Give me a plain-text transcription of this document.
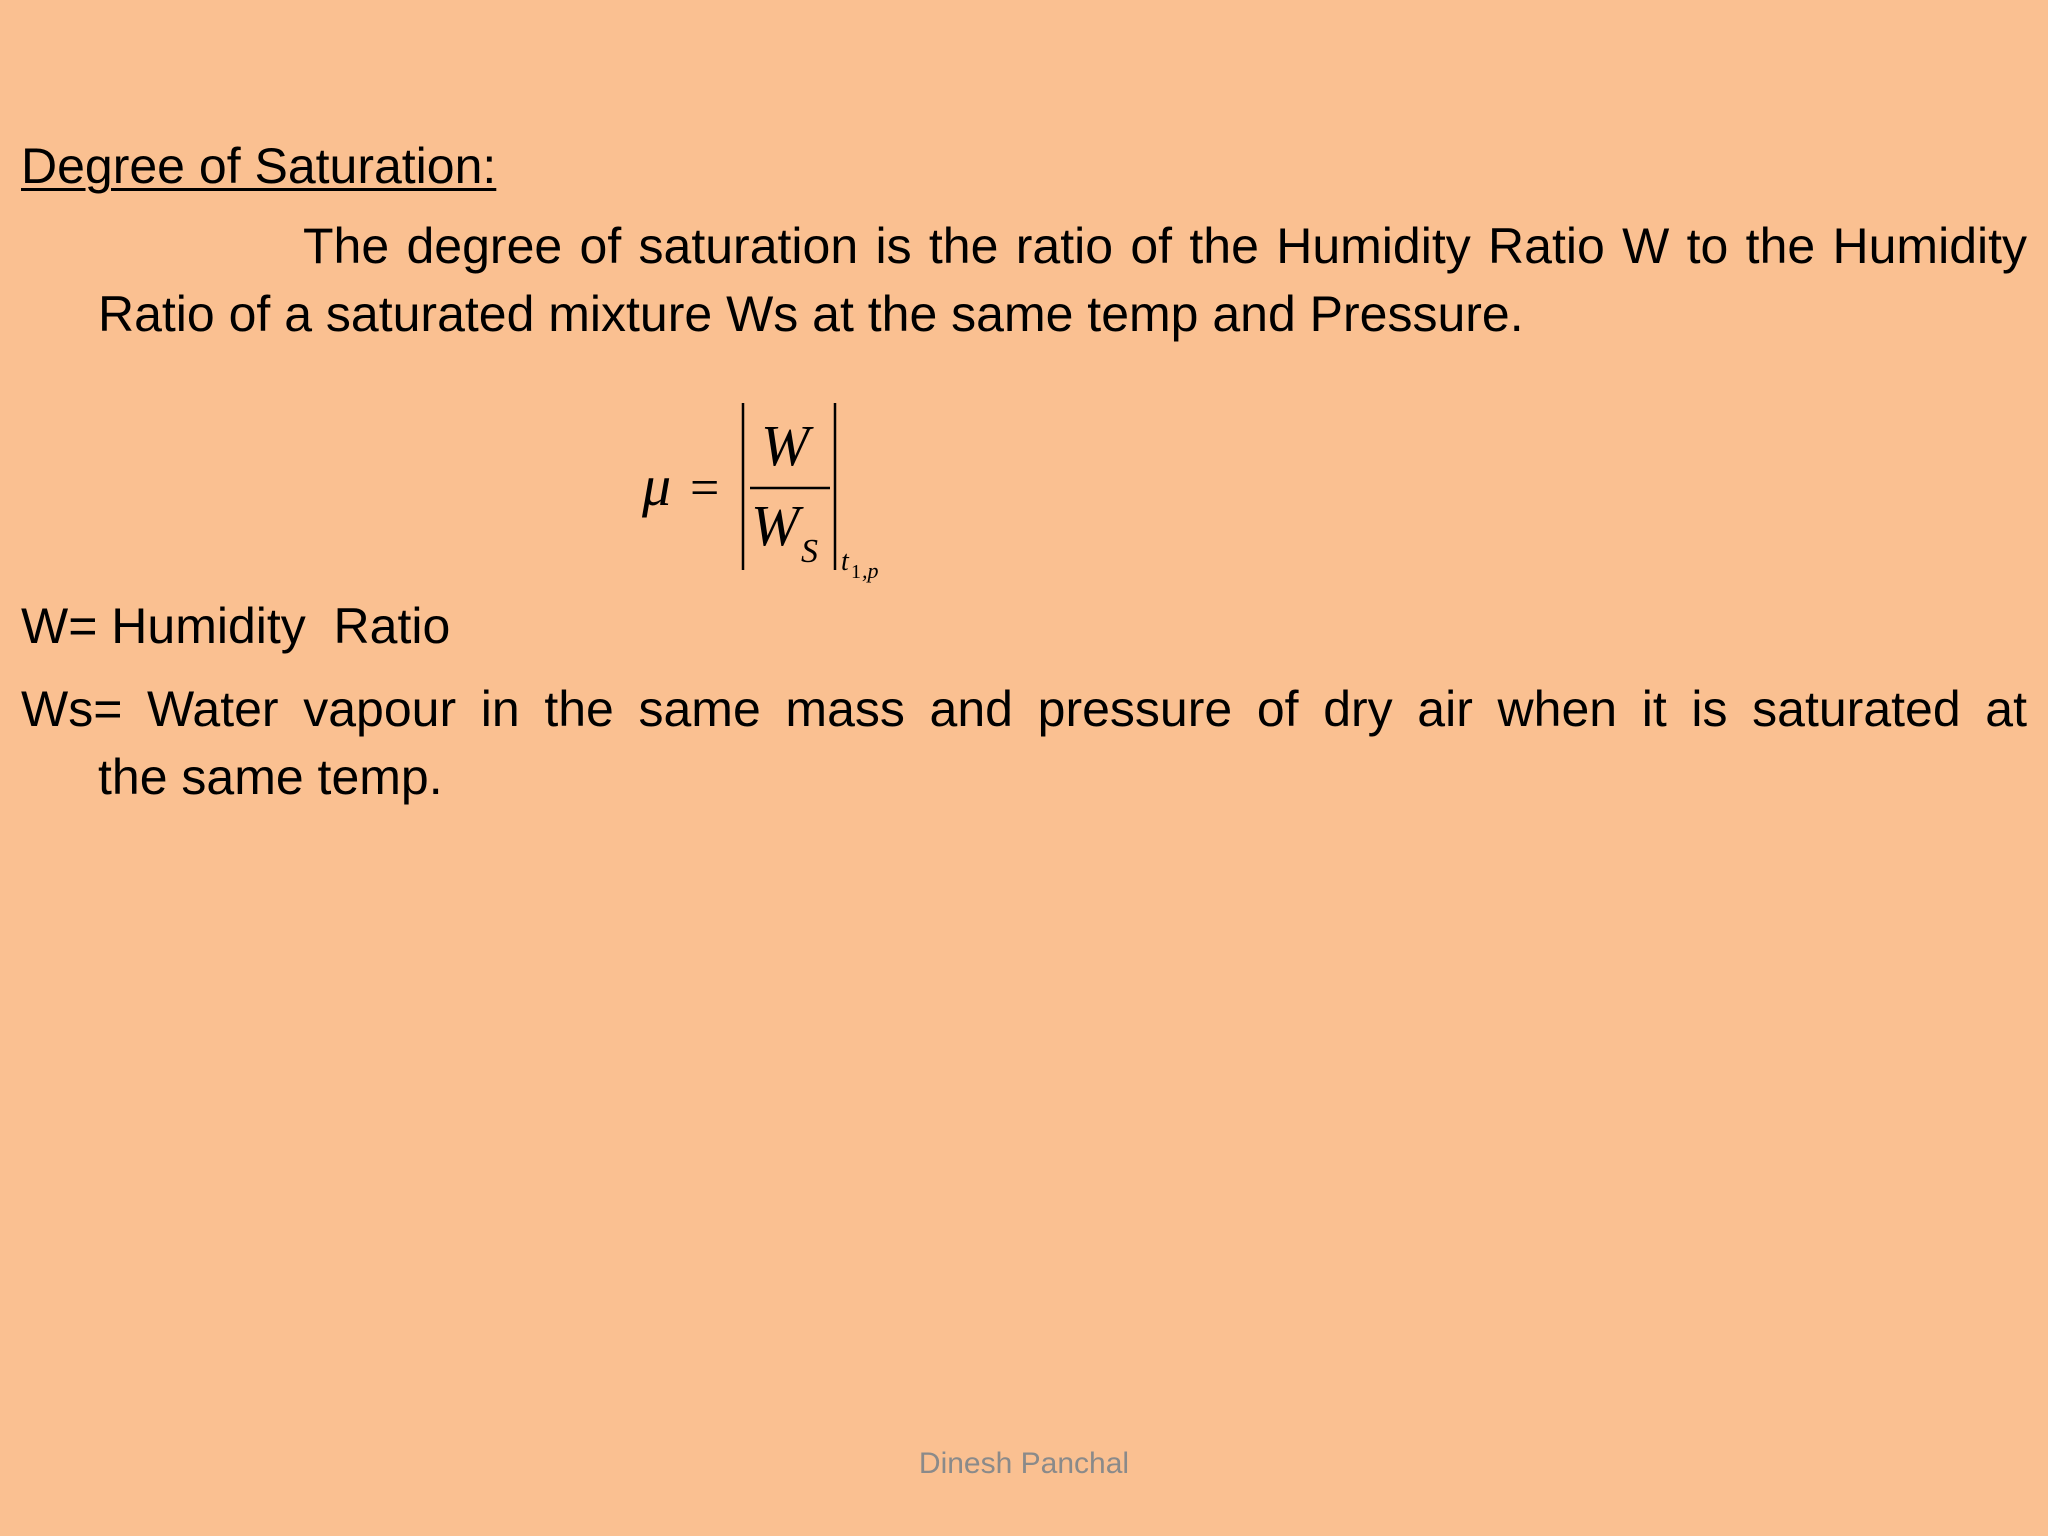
Degree of Saturation:
The degree of saturation is the ratio of the Humidity Ratio W to the Humidity Ratio of a saturated mixture Ws at the same temp and Pressure.
μ =
W
W S t 1 ,p
W= Humidity  Ratio
Ws= Water vapour in the same mass and pressure of dry air when it is saturated at
the same temp.
Dinesh Panchal
